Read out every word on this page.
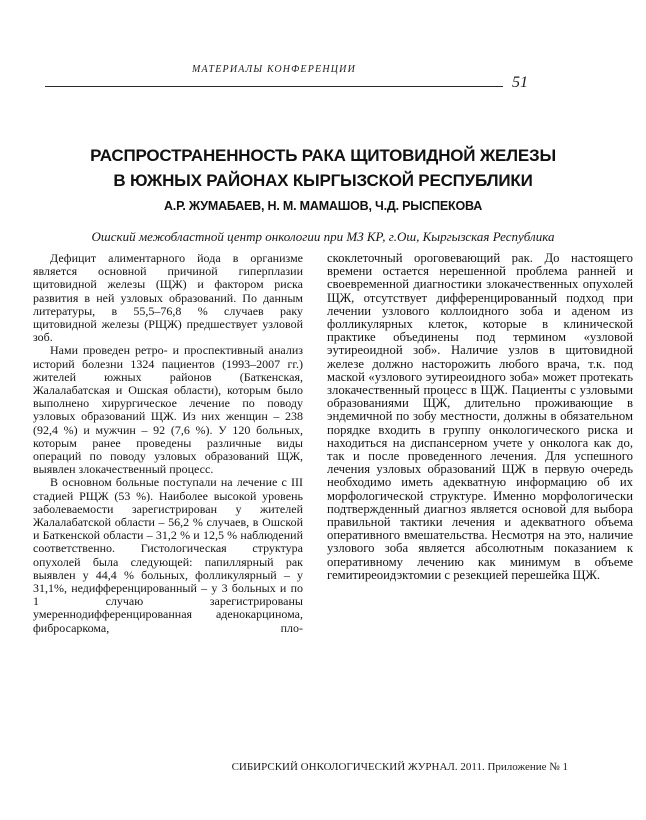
МАТЕРИАЛЫ КОНФЕРЕНЦИИ
51
РАСПРОСТРАНЕННОСТЬ РАКА ЩИТОВИДНОЙ ЖЕЛЕЗЫ
В ЮЖНЫХ РАЙОНАХ КЫРГЫЗСКОЙ РЕСПУБЛИКИ
А.Р. ЖУМАБАЕВ, Н. М. МАМАШОВ, Ч.Д. РЫСПЕКОВА
Ошский межобластной центр онкологии при МЗ КР, г.Ош, Кыргызская Республика

Дефицит алиментарного йода в организме является основной причиной гиперплазии щитовидной железы (ЩЖ) и фактором риска развития в ней узловых образований. По данным литературы, в 55,5–76,8 % случаев раку щитовидной железы (РЩЖ) предшествует узловой зоб.

Нами проведен ретро- и проспективный анализ историй болезни 1324 пациентов (1993–2007 гг.) жителей южных районов (Баткенская, Жалалабатская и Ошская области), которым было выполнено хирургическое лечение по поводу узловых образований ЩЖ. Из них женщин – 238 (92,4 %) и мужчин – 92 (7,6 %). У 120 больных, которым ранее проведены различные виды операций по поводу узловых образований ЩЖ, выявлен злокачественный процесс.

В основном больные поступали на лечение с III стадией РЩЖ (53 %). Наиболее высокой уровень заболеваемости зарегистрирован у жителей Жалалабатской области – 56,2 % случаев, в Ошской и Баткенской области – 31,2 % и 12,5 % наблюдений соответственно. Гистологическая структура опухолей была следующей: папиллярный рак выявлен у 44,4 % больных, фолликулярный – у 31,1%, недифференцированный – у 3 больных и по 1 случаю зарегистрированы умереннодифференцированная аденокарцинома, фибросаркома, пло-

скоклеточный ороговевающий рак. До настоящего времени остается нерешенной проблема ранней и своевременной диагностики злокачественных опухолей ЩЖ, отсутствует дифференцированный подход при лечении узлового коллоидного зоба и аденом из фолликулярных клеток, которые в клинической практике объединены под термином «узловой эутиреоидной зоб». Наличие узлов в щитовидной железе должно насторожить любого врача, т.к. под маской «узлового эутиреоидного зоба» может протекать злокачественный процесс в ЩЖ. Пациенты с узловыми образованиями ЩЖ, длительно проживающие в эндемичной по зобу местности, должны в обязательном порядке входить в группу онкологического риска и находиться на диспансерном учете у онколога как до, так и после проведенного лечения. Для успешного лечения узловых образований ЩЖ в первую очередь необходимо иметь адекватную информацию об их морфологической структуре. Именно морфологически подтвержденный диагноз является основой для выбора правильной тактики лечения и адекватного объема оперативного вмешательства. Несмотря на это, наличие узлового зоба является абсолютным показанием к оперативному лечению как минимум в объеме гемитиреоидэктомии с резекцией перешейка ЩЖ.

СИБИРСКИЙ ОНКОЛОГИЧЕСКИЙ ЖУРНАЛ. 2011. Приложение № 1
